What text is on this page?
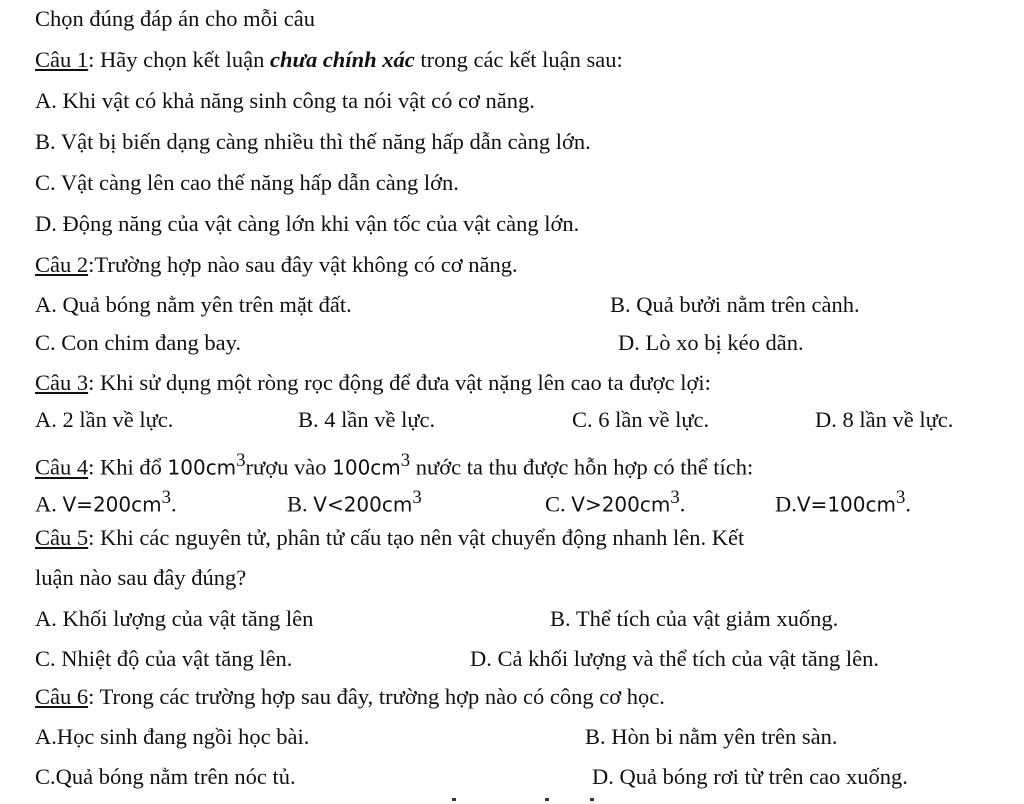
Chọn đúng đáp án cho mỗi câu
Câu 1: Hãy chọn kết luận chưa chính xác trong các kết luận sau:
A. Khi vật có khả năng sinh công ta nói vật có cơ năng.
B. Vật bị biến dạng càng nhiều thì thế năng hấp dẫn càng lớn.
C. Vật càng lên cao thế năng hấp dẫn càng lớn.
D. Động năng của vật càng lớn khi vận tốc của vật càng lớn.
Câu 2:Trường hợp nào sau đây vật không có cơ năng.
A. Quả bóng nằm yên trên mặt đất.	B. Quả bưởi nằm trên cành.
C. Con chim đang bay.	D. Lò xo bị kéo dãn.
Câu 3: Khi sử dụng một ròng rọc động để đưa vật nặng lên cao ta được lợi:
A. 2 lần về lực.	B. 4 lần về lực.	C. 6 lần về lực.	D. 8 lần về lực.
Câu 4: Khi đổ $100cm^3rượu$ vào $100cm^3$ nước ta thu được hỗn hợp có thể tích:
A. $V=200cm^3$.	B. $V<200cm^3$	C. $V>200cm^3$.	$D.V=100cm^3$.
Câu 5: Khi các nguyên tử, phân tử cấu tạo nên vật chuyển động nhanh lên. Kết
luận nào sau đây đúng?
A. Khối lượng của vật tăng lên	B. Thể tích của vật giảm xuống.
C. Nhiệt độ của vật tăng lên.	D. Cả khối lượng và thể tích của vật tăng lên.
Câu 6: Trong các trường hợp sau đây, trường hợp nào có công cơ học.
A.Học sinh đang ngồi học bài.	B. Hòn bi nằm yên trên sàn.
C.Quả bóng nằm trên nóc tủ.	D. Quả bóng rơi từ trên cao xuống.
